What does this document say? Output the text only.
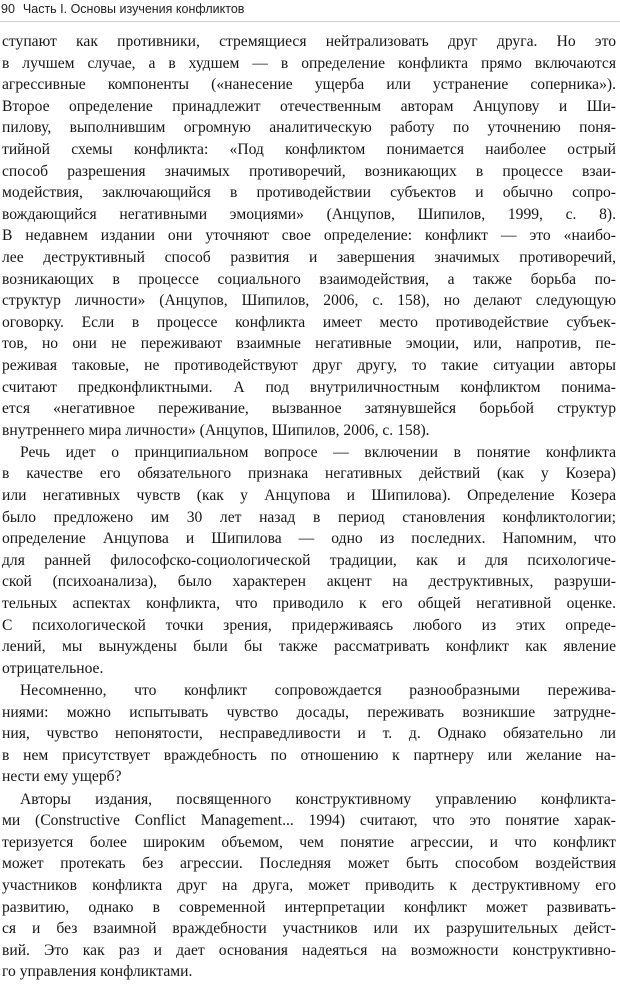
90 Часть I. Основы изучения конфликтов
ступают как противники, стремящиеся нейтрализовать друг друга. Но это
в лучшем случае, а в худшем — в определение конфликта прямо включаются
агрессивные компоненты («нанесение ущерба или устранение соперника»).
Второе определение принадлежит отечественным авторам Анцупову и Ши-
пилову, выполнившим огромную аналитическую работу по уточнению поня-
тийной схемы конфликта: «Под конфликтом понимается наиболее острый
способ разрешения значимых противоречий, возникающих в процессе взаи-
модействия, заключающийся в противодействии субъектов и обычно сопро-
вождающийся негативными эмоциями» (Анцупов, Шипилов, 1999, с. 8).
В недавнем издании они уточняют свое определение: конфликт — это «наибо-
лее деструктивный способ развития и завершения значимых противоречий,
возникающих в процессе социального взаимодействия, а также борьба по-
структур личности» (Анцупов, Шипилов, 2006, с. 158), но делают следующую
оговорку. Если в процессе конфликта имеет место противодействие субъек-
тов, но они не переживают взаимные негативные эмоции, или, напротив, пе-
реживая таковые, не противодействуют друг другу, то такие ситуации авторы
считают предконфликтными. А под внутриличностным конфликтом понима-
ется «негативное переживание, вызванное затянувшейся борьбой структур
внутреннего мира личности» (Анцупов, Шипилов, 2006, с. 158).
Речь идет о принципиальном вопросе — включении в понятие конфликта
в качестве его обязательного признака негативных действий (как у Козера)
или негативных чувств (как у Анцупова и Шипилова). Определение Козера
было предложено им 30 лет назад в период становления конфликтологии;
определение Анцупова и Шипилова — одно из последних. Напомним, что
для ранней философско-социологической традиции, как и для психологиче-
ской (психоанализа), было характерен акцент на деструктивных, разруши-
тельных аспектах конфликта, что приводило к его общей негативной оценке.
С психологической точки зрения, придерживаясь любого из этих опреде-
лений, мы вынуждены были бы также рассматривать конфликт как явление
отрицательное.
Несомненно, что конфликт сопровождается разнообразными пережива-
ниями: можно испытывать чувство досады, переживать возникшие затрудне-
ния, чувство непонятости, несправедливости и т. д. Однако обязательно ли
в нем присутствует враждебность по отношению к партнеру или желание на-
нести ему ущерб?
Авторы издания, посвященного конструктивному управлению конфликта-
ми (Constructive Conflict Management... 1994) считают, что это понятие харак-
теризуется более широким объемом, чем понятие агрессии, и что конфликт
может протекать без агрессии. Последняя может быть способом воздействия
участников конфликта друг на друга, может приводить к деструктивному его
развитию, однако в современной интерпретации конфликт может развивать-
ся и без взаимной враждебности участников или их разрушительных дейст-
вий. Это как раз и дает основания надеяться на возможности конструктивно-
го управления конфликтами.
